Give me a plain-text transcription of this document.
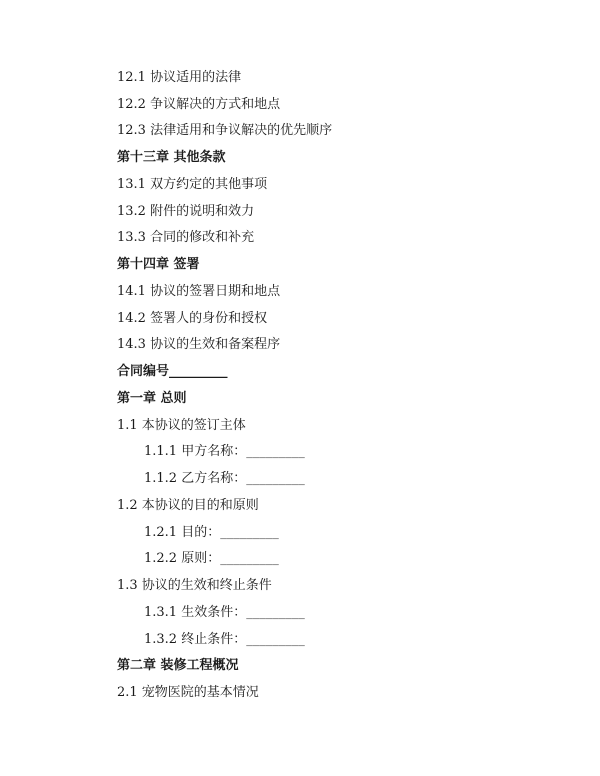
12.1 协议适用的法律
12.2 争议解决的方式和地点
12.3 法律适用和争议解决的优先顺序
第十三章 其他条款
13.1 双方约定的其他事项
13.2 附件的说明和效力
13.3 合同的修改和补充
第十四章 签署
14.1 协议的签署日期和地点
14.2 签署人的身份和授权
14.3 协议的生效和备案程序
合同编号_________
第一章 总则
1.1 本协议的签订主体
1.1.1 甲方名称：_________
1.1.2 乙方名称：_________
1.2 本协议的目的和原则
1.2.1 目的：_________
1.2.2 原则：_________
1.3 协议的生效和终止条件
1.3.1 生效条件：_________
1.3.2 终止条件：_________
第二章 装修工程概况
2.1 宠物医院的基本情况
